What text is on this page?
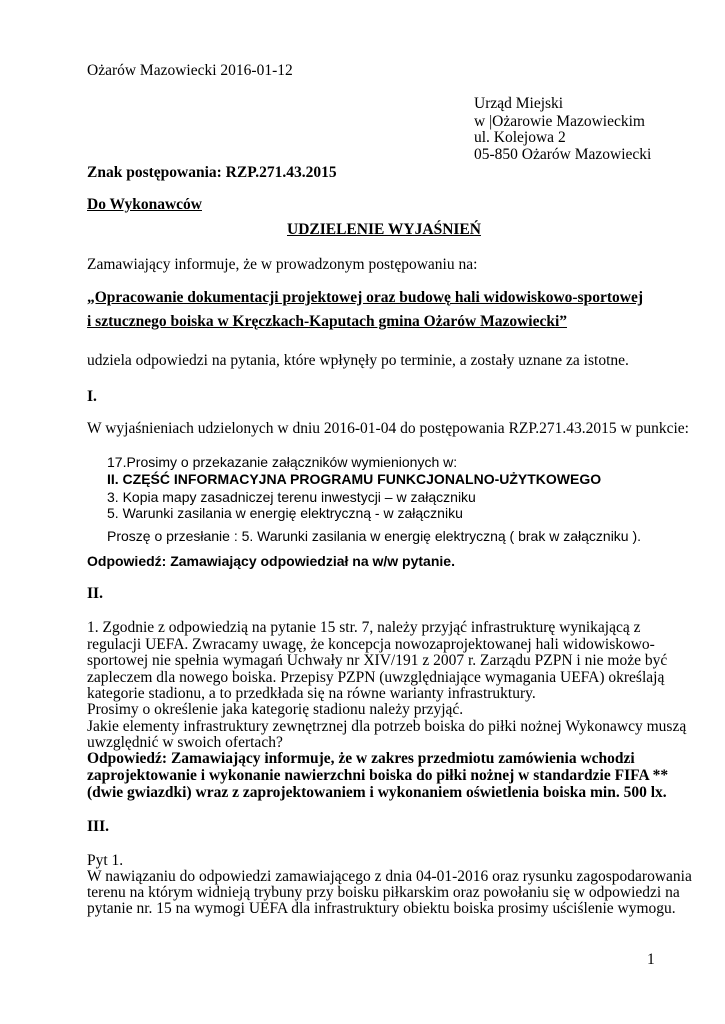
Ożarów Mazowiecki 2016-01-12
Urząd Miejski
w |Ożarowie Mazowieckim
ul. Kolejowa 2
05-850 Ożarów Mazowiecki
Znak postępowania: RZP.271.43.2015
Do Wykonawców
UDZIELENIE WYJAŚNIEŃ
Zamawiający informuje, że w prowadzonym postępowaniu na:
„Opracowanie dokumentacji projektowej oraz budowę hali widowiskowo-sportowej
i sztucznego boiska w Kręczkach-Kaputach gmina Ożarów Mazowiecki”
udziela odpowiedzi na pytania, które wpłynęły po terminie, a zostały uznane za istotne.
I.
W wyjaśnieniach udzielonych w dniu 2016-01-04 do postępowania RZP.271.43.2015 w punkcie:
17.Prosimy o przekazanie załączników wymienionych w:
II. CZĘŚĆ INFORMACYJNA PROGRAMU FUNKCJONALNO-UŻYTKOWEGO
3. Kopia mapy zasadniczej terenu inwestycji – w załączniku
5. Warunki zasilania w energię elektryczną - w załączniku
Proszę o przesłanie : 5. Warunki zasilania w energię elektryczną ( brak w załączniku ).
Odpowiedź: Zamawiający odpowiedział na w/w pytanie.
II.
1. Zgodnie z odpowiedzią na pytanie 15 str. 7, należy przyjąć infrastrukturę wynikającą z
regulacji UEFA. Zwracamy uwagę, że koncepcja nowozaprojektowanej hali widowiskowo-
sportowej nie spełnia wymagań Uchwały nr XIV/191 z 2007 r. Zarządu PZPN i nie może być
zapleczem dla nowego boiska. Przepisy PZPN (uwzględniające wymagania UEFA) określają
kategorie stadionu, a to przedkłada się na równe warianty infrastruktury.
Prosimy o określenie jaka kategorię stadionu należy przyjąć.
Jakie elementy infrastruktury zewnętrznej dla potrzeb boiska do piłki nożnej Wykonawcy muszą
uwzględnić w swoich ofertach?
Odpowiedź: Zamawiający informuje, że w zakres przedmiotu zamówienia wchodzi
zaprojektowanie i wykonanie nawierzchni boiska do piłki nożnej w standardzie FIFA **
(dwie gwiazdki) wraz z zaprojektowaniem i wykonaniem oświetlenia boiska min. 500 lx.
III.
Pyt 1.
W nawiązaniu do odpowiedzi zamawiającego z dnia 04-01-2016 oraz rysunku zagospodarowania
terenu na którym widnieją trybuny przy boisku piłkarskim oraz powołaniu się w odpowiedzi na
pytanie nr. 15 na wymogi UEFA dla infrastruktury obiektu boiska prosimy uściślenie wymogu.
1
